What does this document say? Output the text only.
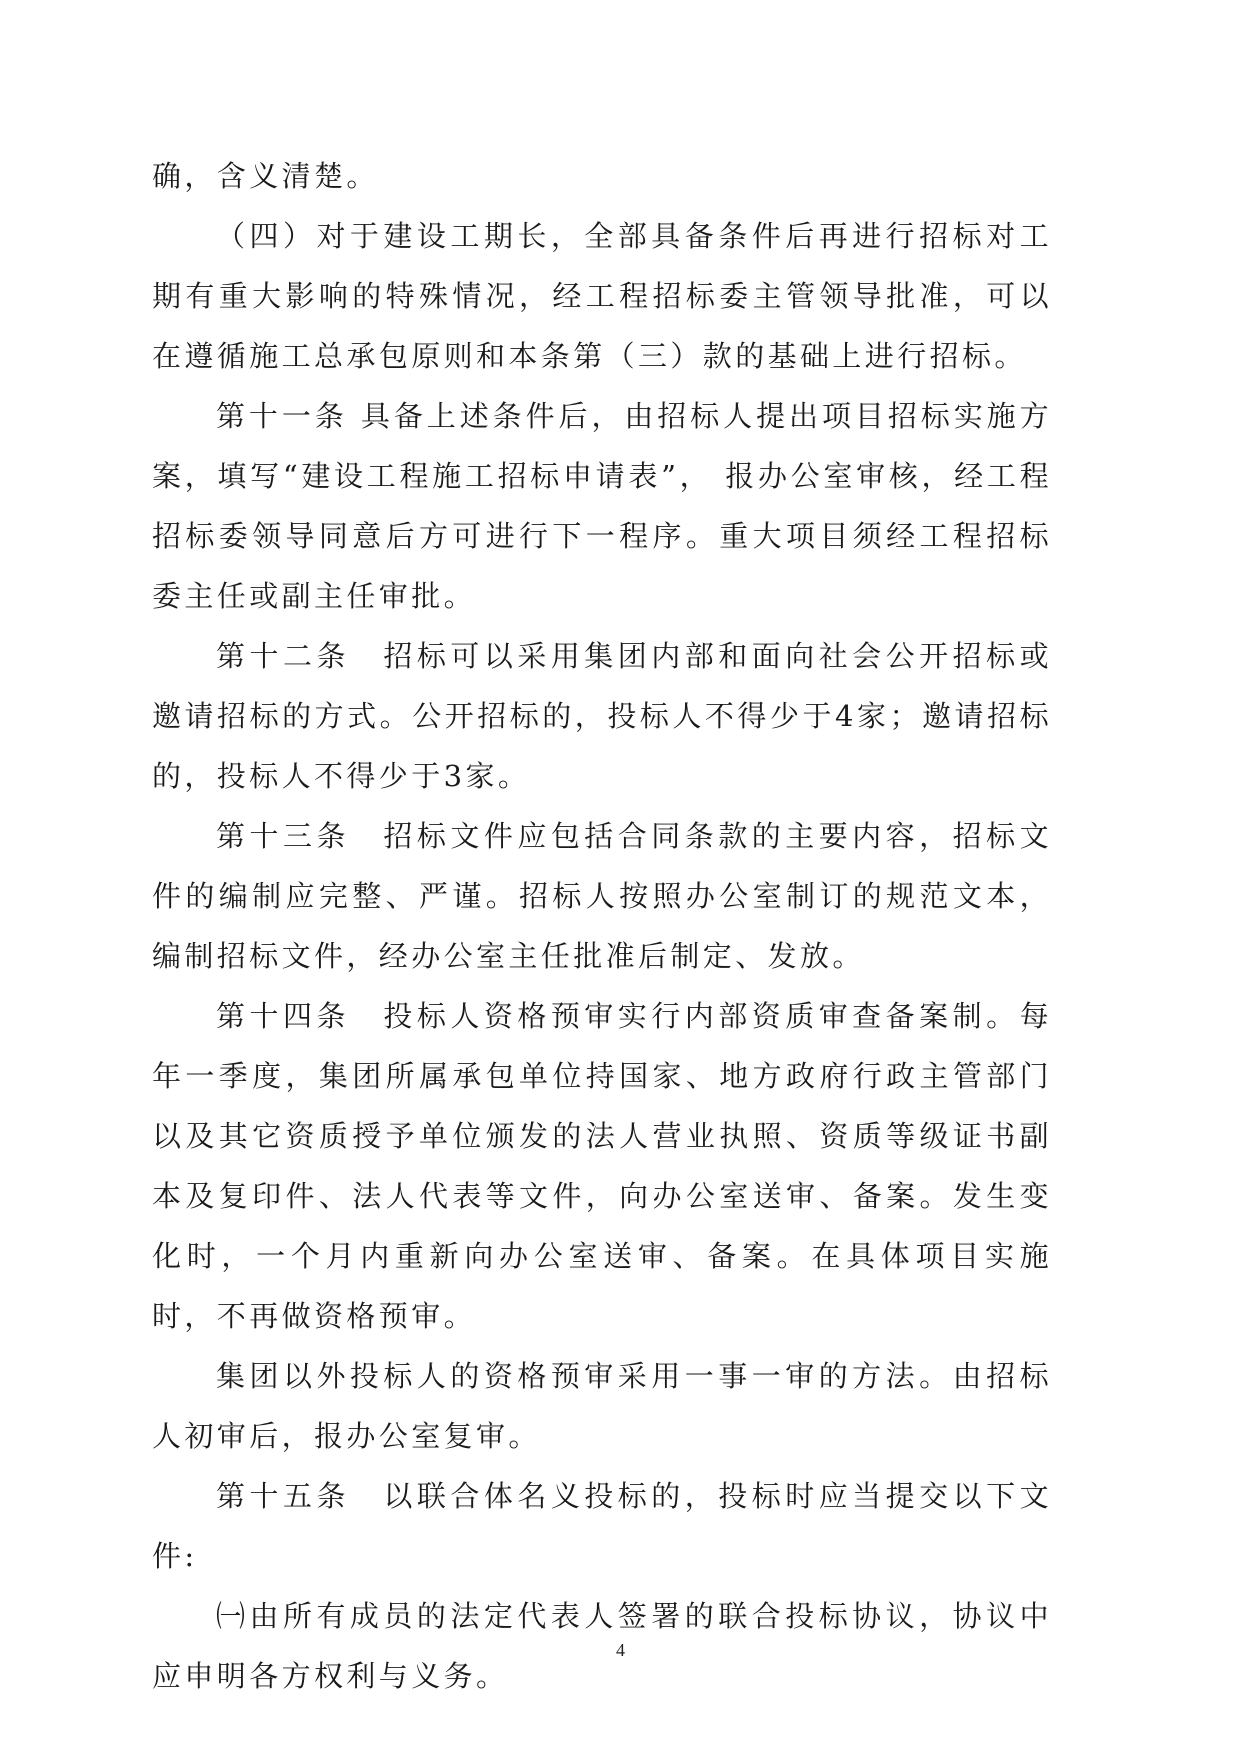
确，含义清楚。

（四）对于建设工期长，全部具备条件后再进行招标对工期有重大影响的特殊情况，经工程招标委主管领导批准，可以在遵循施工总承包原则和本条第（三）款的基础上进行招标。

第十一条 具备上述条件后，由招标人提出项目招标实施方案，填写“建设工程施工招标申请表”， 报办公室审核，经工程招标委领导同意后方可进行下一程序。重大项目须经工程招标委主任或副主任审批。

第十二条　招标可以采用集团内部和面向社会公开招标或邀请招标的方式。公开招标的，投标人不得少于4家；邀请招标的，投标人不得少于3家。

第十三条　招标文件应包括合同条款的主要内容，招标文件的编制应完整、严谨。招标人按照办公室制订的规范文本，编制招标文件，经办公室主任批准后制定、发放。

第十四条　投标人资格预审实行内部资质审查备案制。每年一季度，集团所属承包单位持国家、地方政府行政主管部门以及其它资质授予单位颁发的法人营业执照、资质等级证书副本及复印件、法人代表等文件，向办公室送审、备案。发生变化时，一个月内重新向办公室送审、备案。在具体项目实施时，不再做资格预审。

集团以外投标人的资格预审采用一事一审的方法。由招标人初审后，报办公室复审。

第十五条　以联合体名义投标的，投标时应当提交以下文件:

㈠由所有成员的法定代表人签署的联合投标协议，协议中应申明各方权利与义务。

4
